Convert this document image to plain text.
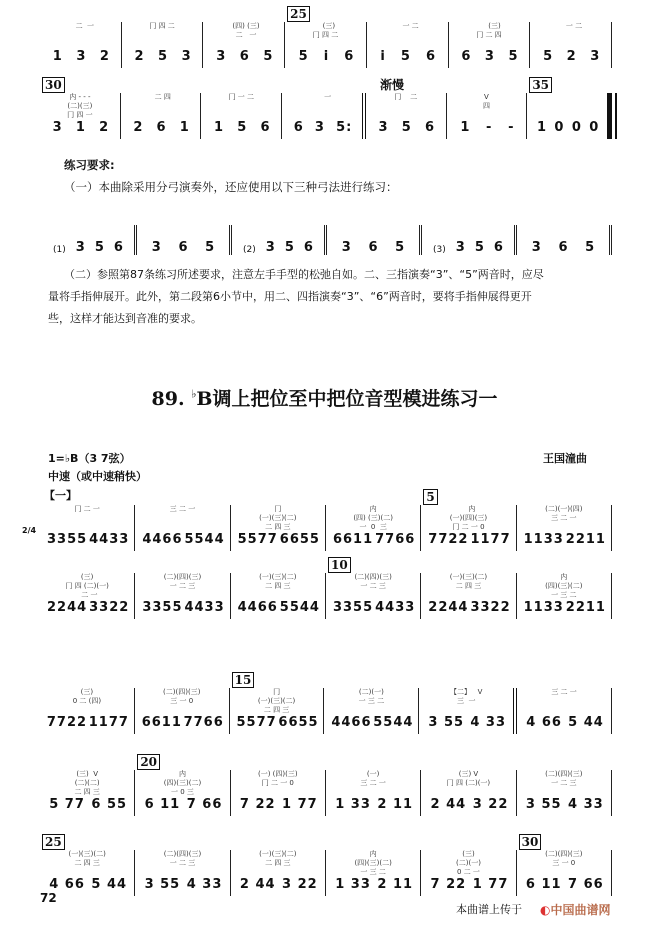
二  一
1 3 2
冂 四 二
2 5 3
(四) (三)
二   一
3 6 5
(三)
冂 四 二
5 i 6
25
一 二
i 5 6
(三)
冂 二 四
6 3 5
一 二
5 2 3
内 - - -
(二)(三)
冂 四 一
3 1 2
30
二 四
2 6 1
冂 一 二
1 5 6
一
6 3 5:
冂    二
3 5 6
V
四
1 - - 1 0 0 0
35
渐慢
练习要求:
（一）本曲除采用分弓演奏外，还应使用以下三种弓法进行练习：
(1) 3 5 6 3 6 5	(2) 3 5 6 3 6 5	(3) 3 5 6 3 6 5
（二）参照第87条练习所述要求，注意左手手型的松弛自如。二、三指演奏“3”、“5”两音时，应尽
量将手指伸展开。此外，第二段第6小节中，用二、四指演奏“3”、“6”两音时，要将手指伸展得更开
些，这样才能达到音准的要求。
89. ♭B调上把位至中把位音型模进练习一
1=♭B（3 7弦）	王国潼曲
中速（或中速稍快）
【一】
2/4
冂 二 一
3355 4433
三 二 一
4466 5544
冂
(一)(三)(二)
二 四 三
5577 6655
内
(四) (三)(二)
一  0  三
6611 7766
内
(一)(四)(三)
冂 二 一 0
7722 1177
5
(二)(一)(四)
三 二 一
1133 2211
(三)
冂 四 (二)(一)
二 一
2244 3322
(二)(四)(三)
一 二 三
3355 4433
(一)(三)(二)
二 四 三
4466 5544
(二)(四)(三)
一 二 三
3355 4433
10
(一)(三)(二)
二 四 三
2244 3322
内
(四)(三)(二)
一 三 二
1133 2211
(三)
0 二 (四)
7722 1177
(二)(四)(三)
三 一 0
6611 7766
冂
(一)(三)(二)
二 四 三
5577 6655
15
(二)(一)
一 三 二
4466 5544
【二】   V
三  一
3 55 4 33
三 二 一
4 66 5 44
(三)  V
(二)(二)
二 四 三
5 77 6 55
内
(四)(三)(二)
一 0 三
6 11 7 66
20
(一) (四)(三)
冂 二 一 0
7 22 1 77
(一)
三 二 一
1 33 2 11
(三) V
冂 四 (二)(一)
2 44 3 22
(二)(四)(三)
一 二 三
3 55 4 33
(一)(三)(二)
二 四 三
4 66 5 44
25
(二)(四)(三)
一 二 三
3 55 4 33
(一)(三)(二)
二 四 三
2 44 3 22
内
(四)(三)(二)
一 三 二
1 33 2 11
(三)
(二)(一)
0 二 一
7 22 1 77
(二)(四)(三)
三 一 0
6 11 7 66
30
72
本曲谱上传于 ◐中国曲谱网
